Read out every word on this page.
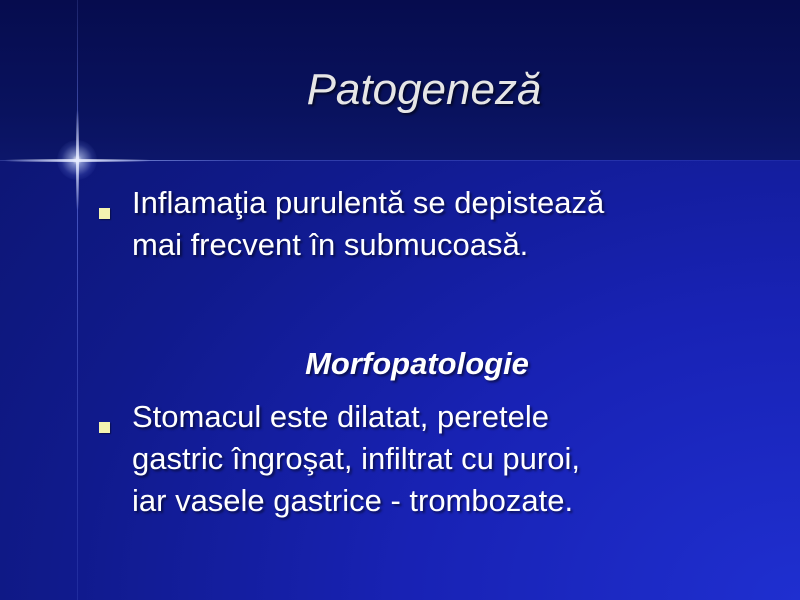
Patogeneză
Inflamaţia purulentă se depistează
mai frecvent în submucoasă.
Morfopatologie
Stomacul este dilatat, peretele
gastric îngroşat, infiltrat cu puroi,
iar vasele gastrice - trombozate.
